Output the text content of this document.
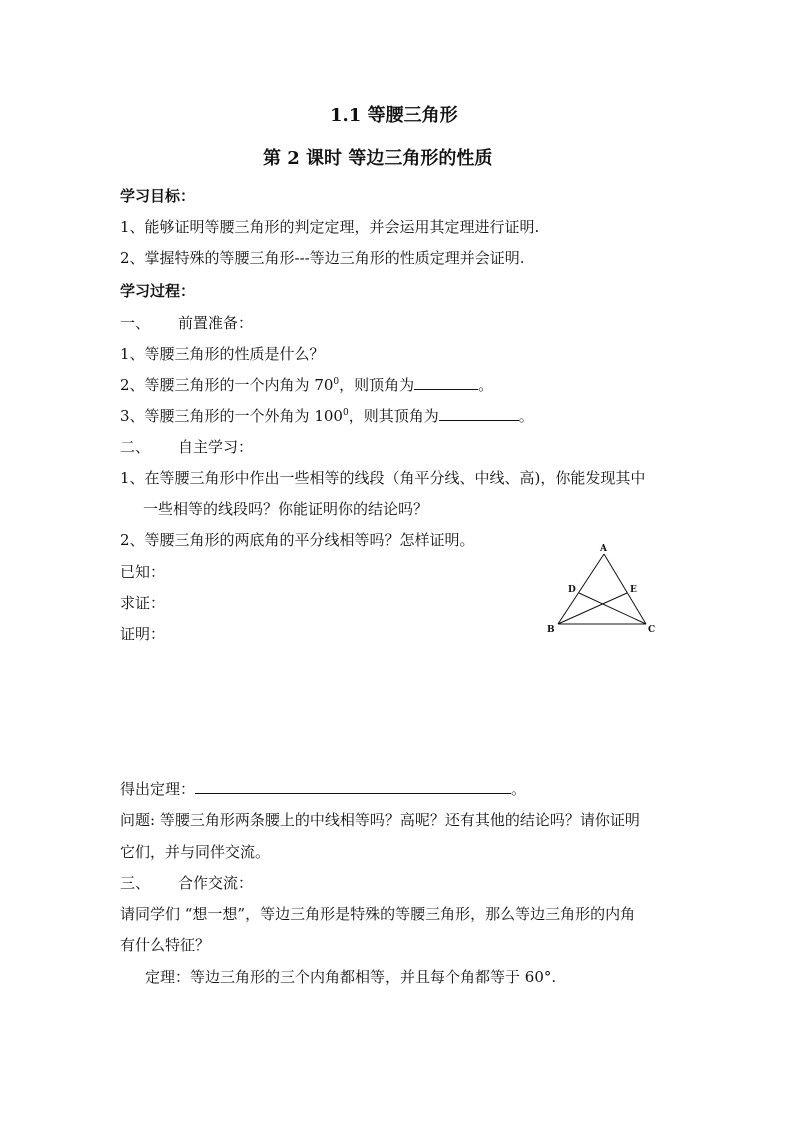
1.1 等腰三角形
第 2 课时 等边三角形的性质
学习目标：
1、能够证明等腰三角形的判定定理，并会运用其定理进行证明.
2、掌握特殊的等腰三角形---等边三角形的性质定理并会证明.
学习过程：
一、 前置准备：
1、等腰三角形的性质是什么？
2、等腰三角形的一个内角为 $70^0$，则顶角为	。
3、等腰三角形的一个外角为 $100^0$，则其顶角为	。
二、 自主学习：
1、在等腰三角形中作出一些相等的线段（角平分线、中线、高)，你能发现其中
一些相等的线段吗？你能证明你的结论吗？
2、等腰三角形的两底角的平分线相等吗？怎样证明。
已知：
求证：
证明：
A
B	C
D	E
得出定理：	。
问题: 等腰三角形两条腰上的中线相等吗？高呢？还有其他的结论吗？请你证明
它们，并与同伴交流。
三、 合作交流：
请同学们 “想一想”，等边三角形是特殊的等腰三角形，那么等边三角形的内角
有什么特征？
定理：等边三角形的三个内角都相等，并且每个角都等于 60°.
